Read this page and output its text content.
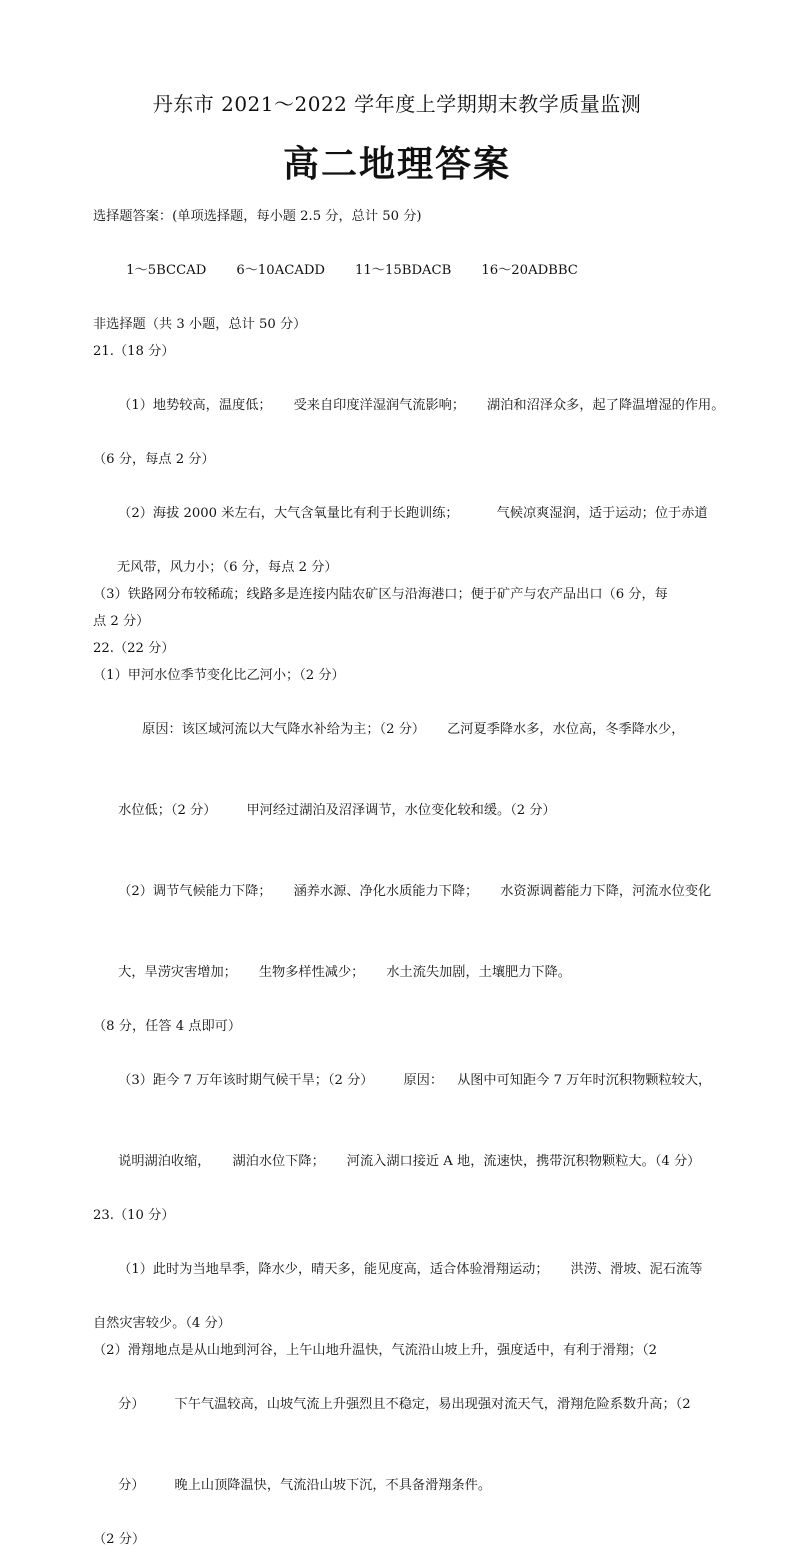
丹东市 2021～2022 学年度上学期期末教学质量监测
高二地理答案
选择题答案：(单项选择题，每小题 2.5 分，总计 50 分)

1～5BCCAD 6～10ACADD 11～15BDACB 16～20ADBBC

非选择题（共 3 小题，总计 50 分）
21.（18 分）

（1）地势较高，温度低； 受来自印度洋湿润气流影响； 湖泊和沼泽众多，起了降温增湿的作用。

（6 分，每点 2 分）

（2）海拔 2000 米左右，大气含氧量比有利于长跑训练；	气候凉爽湿润，适于运动；位于赤道

无风带，风力小；（6 分，每点 2 分）
（3）铁路网分布较稀疏；线路多是连接内陆农矿区与沿海港口；便于矿产与农产品出口（6 分，每
点 2 分）
22.（22 分）
（1）甲河水位季节变化比乙河小；（2 分）

原因：该区域河流以大气降水补给为主；（2 分） 乙河夏季降水多，水位高，冬季降水少，

水位低；（2 分） 甲河经过湖泊及沼泽调节，水位变化较和缓。（2 分）

（2）调节气候能力下降； 涵养水源、净化水质能力下降； 水资源调蓄能力下降，河流水位变化

大，旱涝灾害增加； 生物多样性减少； 水土流失加剧，土壤肥力下降。

（8 分，任答 4 点即可）

（3）距今 7 万年该时期气候干旱；（2 分） 原因： 从图中可知距今 7 万年时沉积物颗粒较大，

说明湖泊收缩， 湖泊水位下降； 河流入湖口接近 A 地，流速快，携带沉积物颗粒大。（4 分）

23.（10 分）

（1）此时为当地旱季，降水少，晴天多，能见度高，适合体验滑翔运动； 洪涝、滑坡、泥石流等

自然灾害较少。（4 分）
（2）滑翔地点是从山地到河谷，上午山地升温快，气流沿山坡上升，强度适中，有利于滑翔；（2

分） 下午气温较高，山坡气流上升强烈且不稳定，易出现强对流天气，滑翔危险系数升高；（2

分） 晚上山顶降温快，气流沿山坡下沉，不具备滑翔条件。

（2 分）
